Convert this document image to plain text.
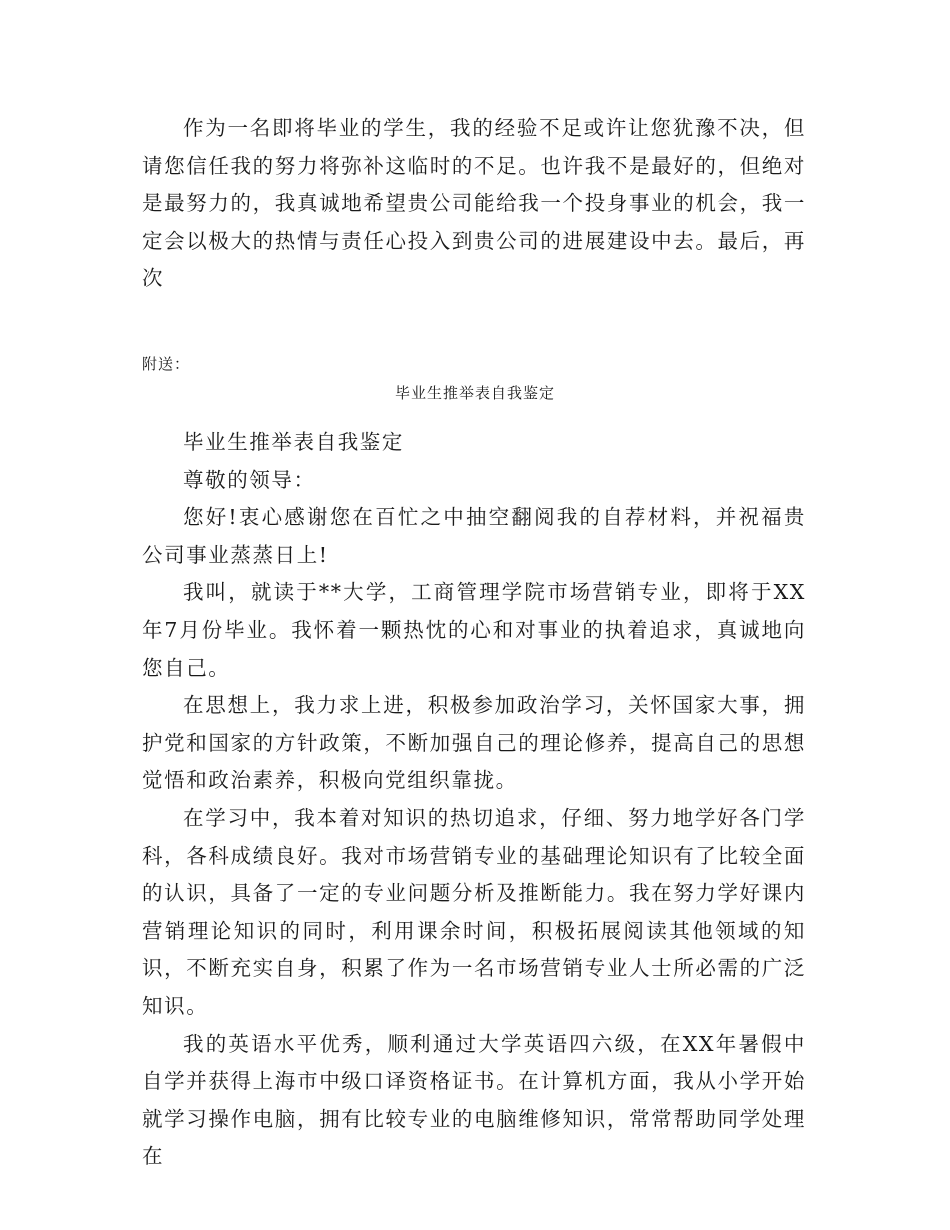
作为一名即将毕业的学生，我的经验不足或许让您犹豫不决，但请您信任我的努力将弥补这临时的不足。也许我不是最好的，但绝对是最努力的，我真诚地希望贵公司能给我一个投身事业的机会，我一定会以极大的热情与责任心投入到贵公司的进展建设中去。最后，再次

附送：

毕业生推举表自我鉴定

毕业生推举表自我鉴定

尊敬的领导：

您好!衷心感谢您在百忙之中抽空翻阅我的自荐材料，并祝福贵公司事业蒸蒸日上!

我叫，就读于**大学，工商管理学院市场营销专业，即将于XX年7月份毕业。我怀着一颗热忱的心和对事业的执着追求，真诚地向您自己。

在思想上，我力求上进，积极参加政治学习，关怀国家大事，拥护党和国家的方针政策，不断加强自己的理论修养，提高自己的思想觉悟和政治素养，积极向党组织靠拢。

在学习中，我本着对知识的热切追求，仔细、努力地学好各门学科，各科成绩良好。我对市场营销专业的基础理论知识有了比较全面的认识，具备了一定的专业问题分析及推断能力。我在努力学好课内营销理论知识的同时，利用课余时间，积极拓展阅读其他领域的知识，不断充实自身，积累了作为一名市场营销专业人士所必需的广泛知识。

我的英语水平优秀，顺利通过大学英语四六级，在XX年暑假中自学并获得上海市中级口译资格证书。在计算机方面，我从小学开始就学习操作电脑，拥有比较专业的电脑维修知识，常常帮助同学处理在
